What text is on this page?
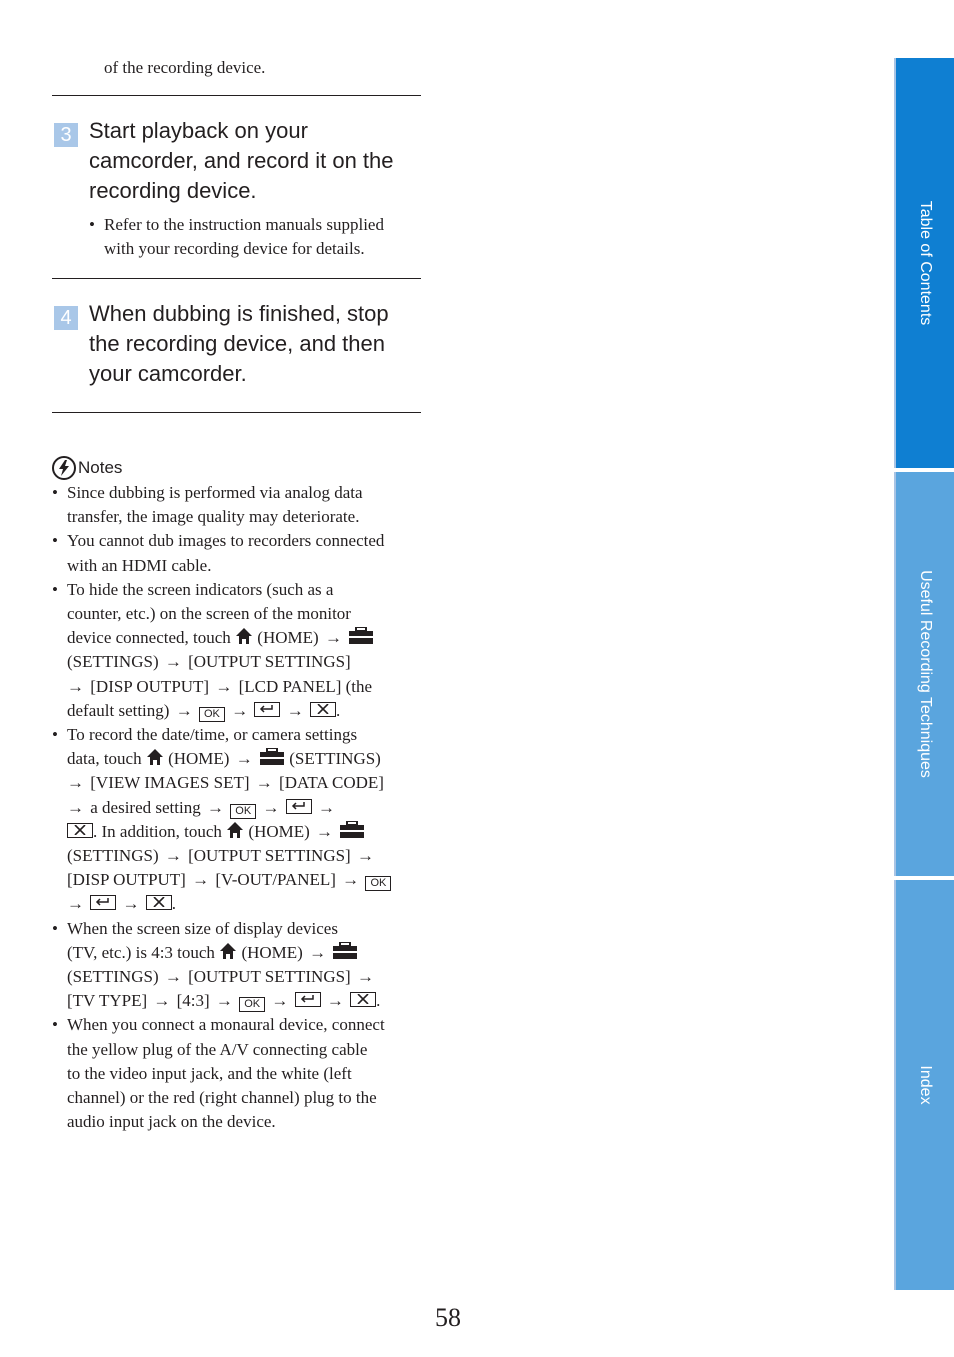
of the recording device.
3 Start playback on your
camcorder, and record it on the
recording device.
• Refer to the instruction manuals supplied
with your recording device for details.
4 When dubbing is finished, stop
the recording device, and then
your camcorder.
Notes
• Since dubbing is performed via analog data
transfer, the image quality may deteriorate.
• You cannot dub images to recorders connected
with an HDMI cable.
• To hide the screen indicators (such as a
counter, etc.) on the screen of the monitor
device connected, touch (HOME) →
(SETTINGS) → [OUTPUT SETTINGS]
→ [DISP OUTPUT] → [LCD PANEL] (the
default setting) → OK → → .
• To record the date/time, or camera settings
data, touch (HOME) → (SETTINGS)
→ [VIEW IMAGES SET] → [DATA CODE]
→ a desired setting → OK → →
. In addition, touch (HOME) →
(SETTINGS) → [OUTPUT SETTINGS] →
[DISP OUTPUT] → [V-OUT/PANEL] → OK
→ → .
• When the screen size of display devices
(TV, etc.) is 4:3 touch (HOME) →
(SETTINGS) → [OUTPUT SETTINGS] →
[TV TYPE] → [4:3] → OK → → .
• When you connect a monaural device, connect
the yellow plug of the A/V connecting cable
to the video input jack, and the white (left
channel) or the red (right channel) plug to the
audio input jack on the device.
Table of Contents
Useful Recording Techniques
Index
58
